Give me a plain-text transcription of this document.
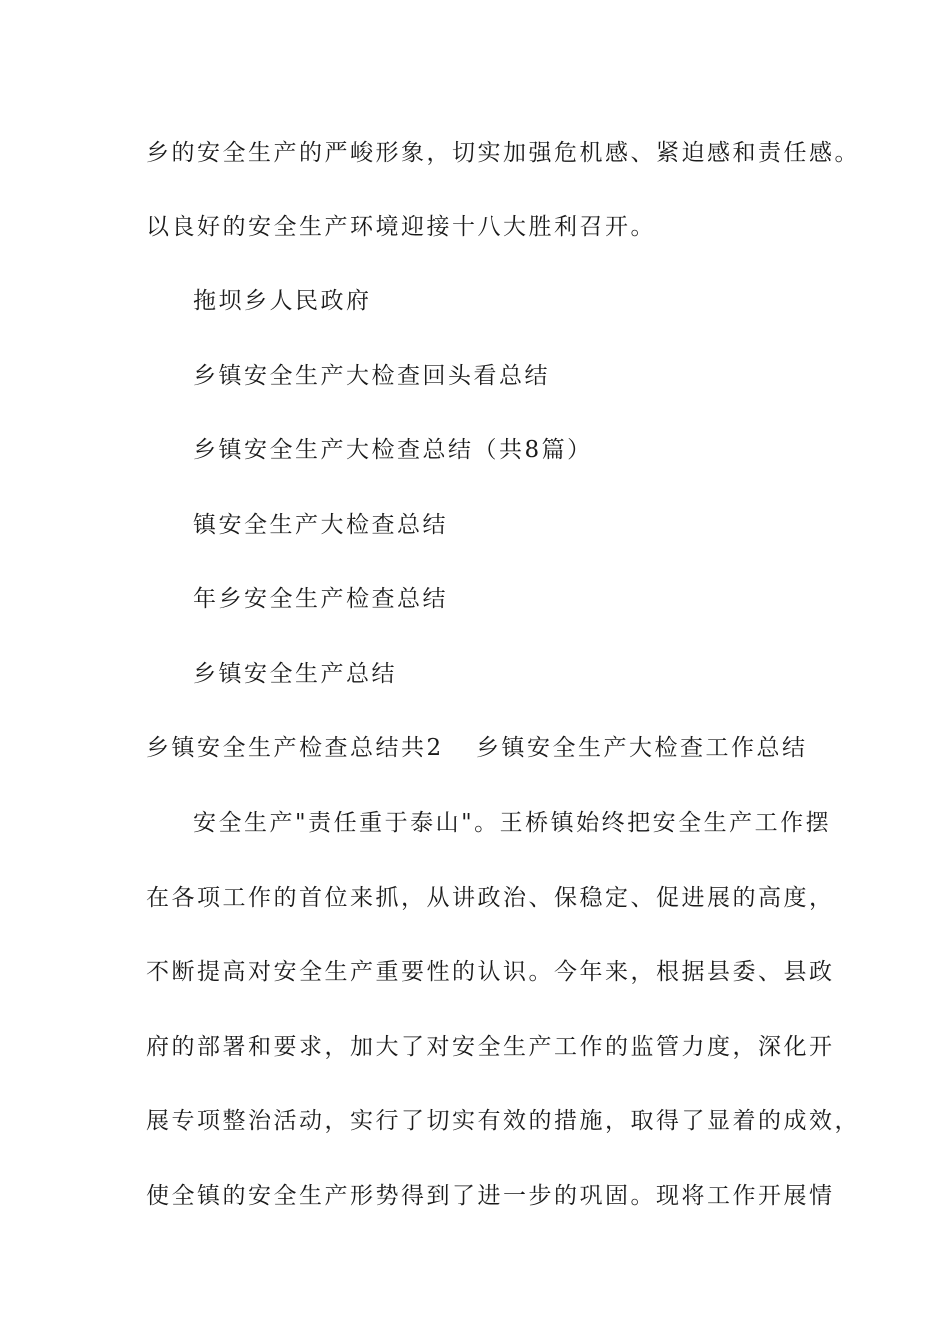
乡的安全生产的严峻形象，切实加强危机感、紧迫感和责任感。
以良好的安全生产环境迎接十八大胜利召开。
拖坝乡人民政府
乡镇安全生产大检查回头看总结
乡镇安全生产大检查总结（共8篇）
镇安全生产大检查总结
年乡安全生产检查总结
乡镇安全生产总结
乡镇安全生产检查总结共2 乡镇安全生产大检查工作总结
安全生产"责任重于泰山"。王桥镇始终把安全生产工作摆
在各项工作的首位来抓，从讲政治、保稳定、促进展的高度，
不断提高对安全生产重要性的认识。今年来，根据县委、县政
府的部署和要求，加大了对安全生产工作的监管力度，深化开
展专项整治活动，实行了切实有效的措施，取得了显着的成效，
使全镇的安全生产形势得到了进一步的巩固。现将工作开展情
